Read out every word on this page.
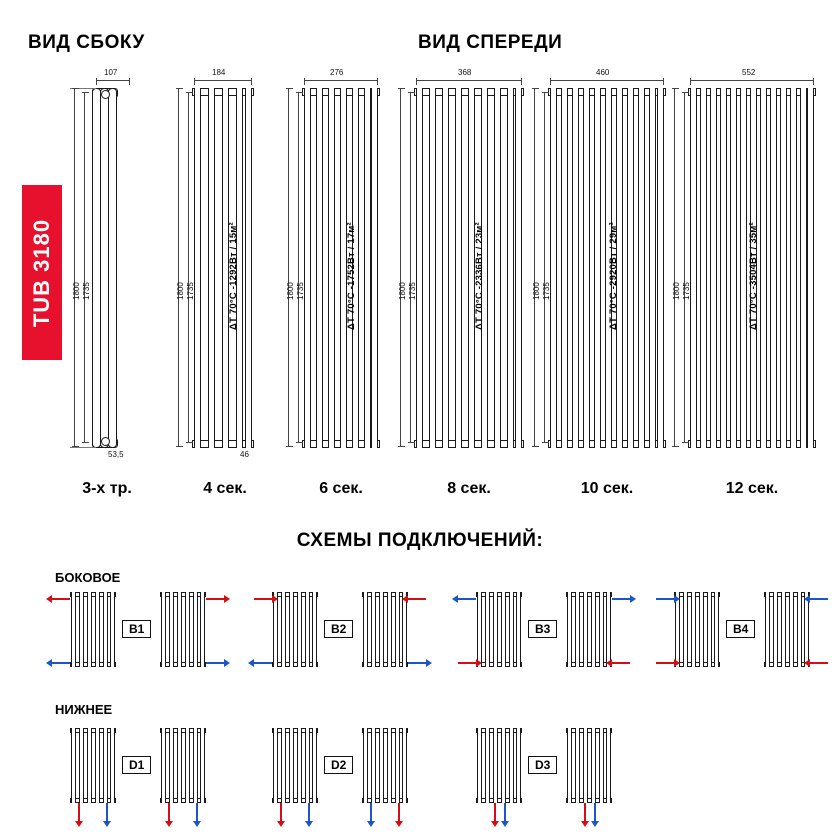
ВИД СБОКУ	ВИД СПЕРЕДИ
TUB 3180
107
1800 1735
53,5
3-х тр.
184
1800 1735
46
ΔT 70°С -1292Вт / 15м²
4 сек.
276
1800 1735	ΔT 70°С -1752Вт / 17м²
6 сек.
368
1800 1735	ΔT 70°С -2336Вт / 23м²
8 сек.
460
1800 1735	ΔT 70°С -2920Вт / 29м²
10 сек.
552
1800 1735	ΔT 70°С -3504Вт / 35м²
12 сек.
СХЕМЫ ПОДКЛЮЧЕНИЙ:
БОКОВОЕ
НИЖНЕЕ
B1	B2	B3	B4
D1	D2	D3
